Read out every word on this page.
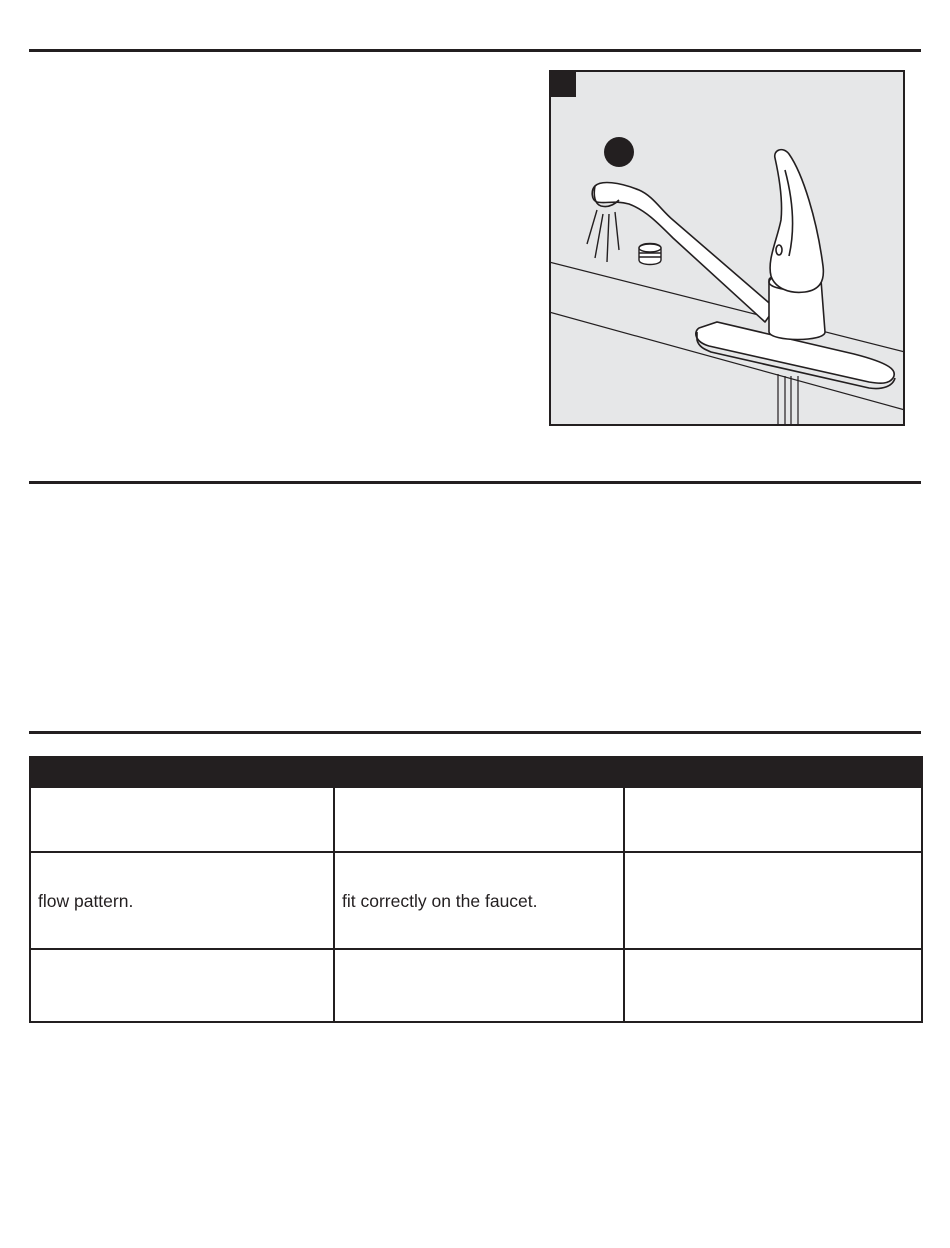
flow pattern.	fit correctly on the faucet.	
